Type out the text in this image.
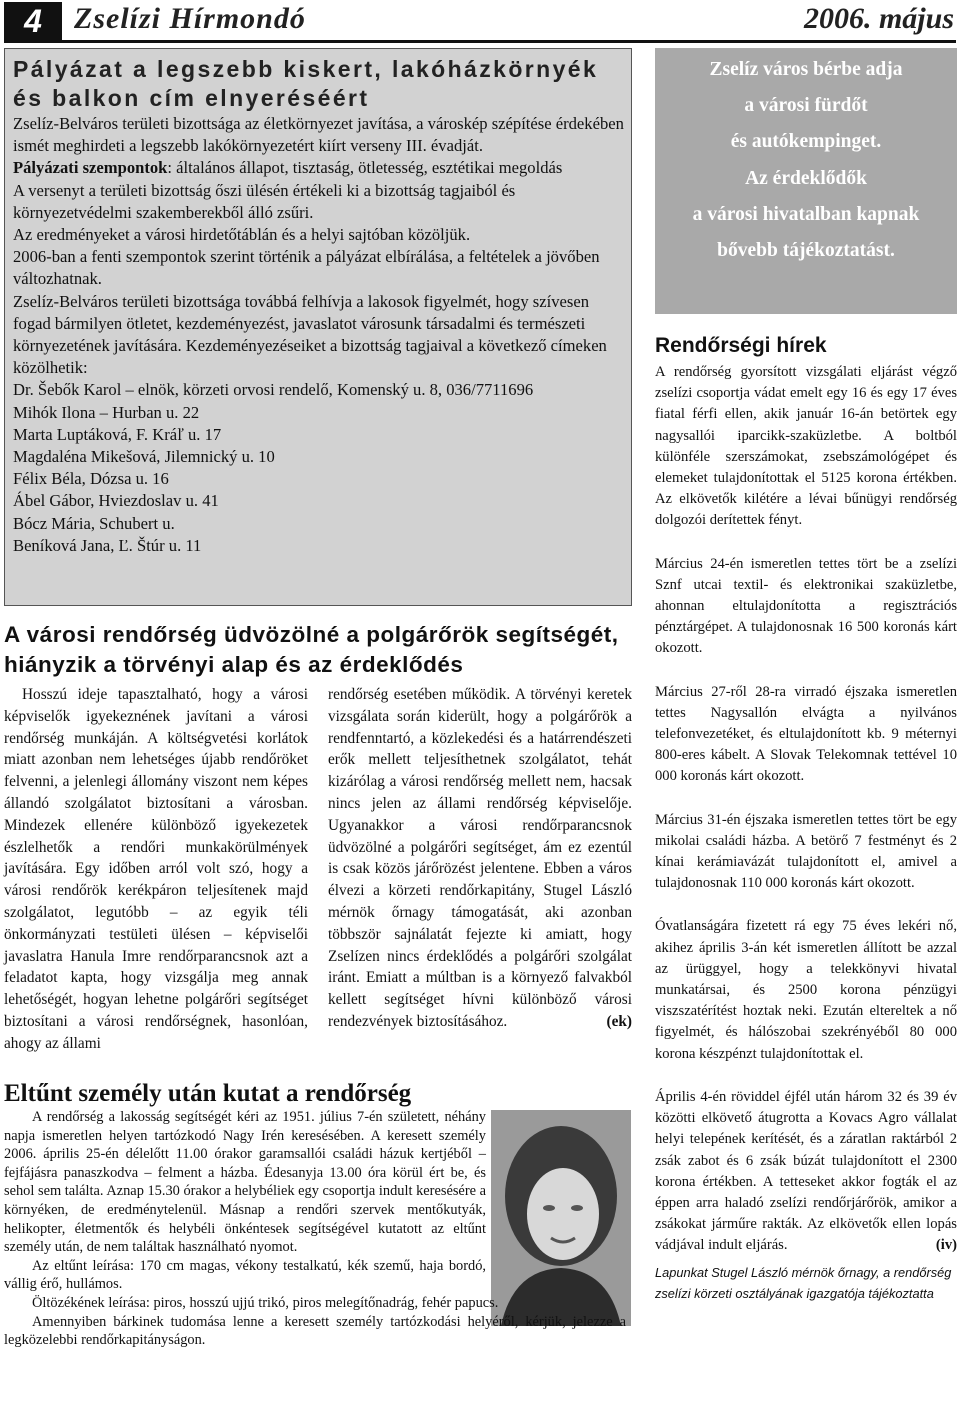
4	Zselízi Hírmondó	2006. május
Pályázat a legszebb kiskert, lakóházkörnyék
és balkon cím elnyeréséért

Zselíz-Belváros területi bizottsága az életkörnyezet javítása, a városkép szépítése érdekében ismét meghirdeti a legszebb lakókörnyezetért kiírt verseny III. évadját.

Pályázati szempontok: általános állapot, tisztaság, ötletesség, esztétikai megoldás

A versenyt a területi bizottság őszi ülésén értékeli ki a bizottság tagjaiból és környezetvédelmi szakemberekből álló zsűri.

Az eredményeket a városi hirdetőtáblán és a helyi sajtóban közöljük.

2006-ban a fenti szempontok szerint történik a pályázat elbírálása, a feltételek a jövőben változhatnak.

Zselíz-Belváros területi bizottsága továbbá felhívja a lakosok figyelmét, hogy szívesen fogad bármilyen ötletet, kezdeményezést, javaslatot városunk társadalmi és természeti környezetének javítására. Kezdeményezéseiket a bizottság tagjaival a következő címeken közölhetik:

Dr. Šebők Karol – elnök, körzeti orvosi rendelő, Komenský u. 8, 036/7711696

Mihók Ilona – Hurban u. 22

Marta Luptáková, F. Kráľ u. 17

Magdaléna Mikešová, Jilemnický u. 10

Félix Béla, Dózsa u. 16

Ábel Gábor, Hviezdoslav u. 41

Bócz Mária, Schubert u.

Beníková Jana, Ľ. Štúr u. 11

Zselíz város bérbe adja
a városi fürdőt
és autókempinget.
Az érdeklődők
a városi hivatalban kapnak
bővebb tájékoztatást.
Rendőrségi hírek

A rendőrség gyorsított vizsgálati eljárást végző zselízi csoportja vádat emelt egy 16 és egy 17 éves fiatal férfi ellen, akik január 16-án betörtek egy nagysallói iparcikk-szaküzletbe. A boltból különféle szerszámokat, zsebszámológépet és elemeket tulajdonítottak el 5125 korona értékben. Az elkövetők kilétére a lévai bűnügyi rendőrség dolgozói derítettek fényt.

Március 24-én ismeretlen tettes tört be a zselízi Sznf utcai textil- és elektronikai szaküzletbe, ahonnan eltulajdonította a regisztrációs pénztárgépet. A tulajdonosnak 16 500 koronás kárt okozott.

Március 27-ről 28-ra virradó éjszaka ismeretlen tettes Nagysallón elvágta a nyilvános telefonvezetéket, és eltulajdonított kb. 9 méternyi 800-eres kábelt. A Slovak Telekomnak tettével 10 000 koronás kárt okozott.

Március 31-én éjszaka ismeretlen tettes tört be egy mikolai családi házba. A betörő 7 festményt és 2 kínai kerámiavázát tulajdonított el, amivel a tulajdonosnak 110 000 koronás kárt okozott.

Óvatlanságára fizetett rá egy 75 éves lekéri nő, akihez április 3-án két ismeretlen állított be azzal az ürüggyel, hogy a telekkönyvi hivatal munkatársai, és 2500 korona pénzügyi viszszatérítést hoztak neki. Ezután eltereltek a nő figyelmét, és hálószobai szekrényéből 80 000 korona készpénzt tulajdonítottak el.

Április 4-én röviddel éjfél után három 32 és 39 év közötti elkövető átugrotta a Kovacs Agro vállalat helyi telepének kerítését, és a záratlan raktárból 2 zsák zabot és 6 zsák búzát tulajdonított el 2300 korona értékben. A tetteseket akkor fogták el az éppen arra haladó zselízi rendőrjárőrök, amikor a zsákokat járműre rakták. Az elkövetők ellen lopás vádjával indult eljárás.	(iv)

Lapunkat Stugel László mérnök őrnagy, a rendőrség zselízi körzeti osztályának igazgatója tájékoztatta
A városi rendőrség üdvözölné a polgárőrök segítségét, hiányzik a törvényi alap és az érdeklődés
Hosszú ideje tapasztalható, hogy a városi képviselők igyekeznének javítani a városi rendőrség munkáján. A költségvetési korlátok miatt azonban nem lehetséges újabb rendőröket felvenni, a jelenlegi állomány viszont nem képes állandó szolgálatot biztosítani a városban. Mindezek ellenére különböző igyekezetek észlelhetők a rendőri munkakörülmények javítására. Egy időben arról volt szó, hogy a városi rendőrök kerékpáron teljesítenek majd szolgálatot, legutóbb – az egyik téli önkormányzati testületi ülésen – képviselői javaslatra Hanula Imre rendőrparancsnok azt a feladatot kapta, hogy vizsgálja meg annak lehetőségét, hogyan lehetne polgárőri segítséget biztosítani a városi rendőrségnek, hasonlóan, ahogy az állami
rendőrség esetében működik. A törvényi keretek vizsgálata során kiderült, hogy a polgárőrök a rendfenntartó, a közlekedési és a határrendészeti erők mellett teljesíthetnek szolgálatot, tehát kizárólag a városi rendőrség mellett nem, hacsak nincs jelen az állami rendőrség képviselője. Ugyanakkor a városi rendőrparancsnok üdvözölné a polgárőri segítséget, ám ez ezentúl is csak közös járőrözést jelentene. Ebben a város élvezi a körzeti rendőrkapitány, Stugel László mérnök őrnagy támogatását, aki azonban többször sajnálatát fejezte ki amiatt, hogy Zselízen nincs érdeklődés a polgárőri szolgálat iránt. Emiatt a múltban is a környező falvakból kellett segítséget hívni különböző városi rendezvények biztosításához.	(ek)
Eltűnt személy után kutat a rendőrség

A rendőrség a lakosság segítségét kéri az 1951. július 7-én született, néhány napja ismeretlen helyen tartózkodó Nagy Irén keresésében. A keresett személy 2006. április 25-én délelőtt 11.00 órakor garamsallói családi házuk kertjéből – fejfájásra panaszkodva – felment a házba. Édesanyja 13.00 óra körül ért be, és sehol sem találta. Aznap 15.30 órakor a helybéliek egy csoportja indult keresésére a környéken, de eredménytelenül. Másnap a rendőri szervek mentőkutyák, helikopter, életmentők és helybéli önkéntesek segítségével kutatott az eltűnt személy után, de nem találtak használható nyomot.

Az eltűnt leírása: 170 cm magas, vékony testalkatú, kék szemű, haja bordó, vállig érő, hullámos.

Öltözékének leírása: piros, hosszú ujjú trikó, piros melegítőnadrág, fehér papucs.

Amennyiben bárkinek tudomása lenne a keresett személy tartózkodási helyéről, kérjük, jelezze a legközelebbi rendőrkapitányságon.
